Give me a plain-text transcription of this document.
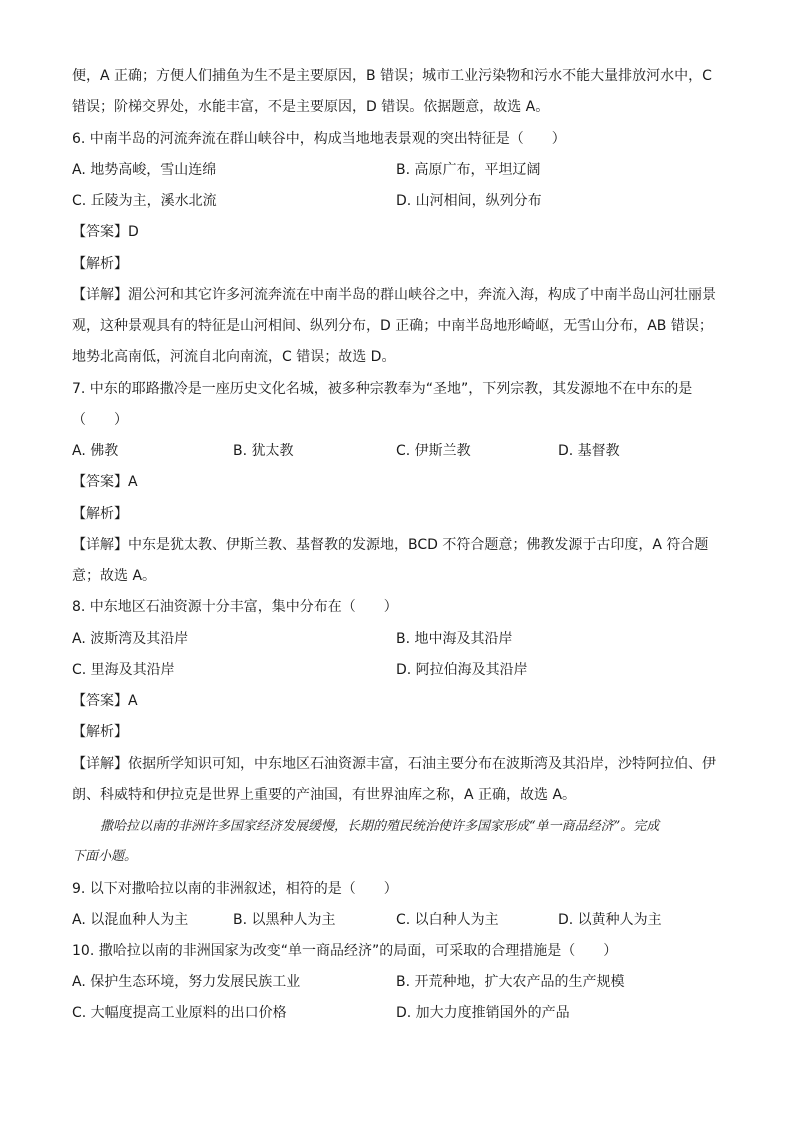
便，A 正确；方便人们捕鱼为生不是主要原因，B 错误；城市工业污染物和污水不能大量排放河水中，C
错误；阶梯交界处，水能丰富，不是主要原因，D 错误。依据题意，故选 A。
6. 中南半岛的河流奔流在群山峡谷中，构成当地地表景观的突出特征是（　　）
A. 地势高峻，雪山连绵	B. 高原广布，平坦辽阔
C. 丘陵为主，溪水北流	D. 山河相间，纵列分布
【答案】D
【解析】
【详解】湄公河和其它许多河流奔流在中南半岛的群山峡谷之中，奔流入海，构成了中南半岛山河壮丽景
观，这种景观具有的特征是山河相间、纵列分布，D 正确；中南半岛地形崎岖，无雪山分布，AB 错误；
地势北高南低，河流自北向南流，C 错误；故选 D。
7. 中东的耶路撒冷是一座历史文化名城，被多种宗教奉为“圣地”，下列宗教，其发源地不在中东的是
（　　）
A. 佛教	B. 犹太教	C. 伊斯兰教	D. 基督教
【答案】A
【解析】
【详解】中东是犹太教、伊斯兰教、基督教的发源地，BCD 不符合题意；佛教发源于古印度，A 符合题
意；故选 A。
8. 中东地区石油资源十分丰富，集中分布在（　　）
A. 波斯湾及其沿岸	B. 地中海及其沿岸
C. 里海及其沿岸	D. 阿拉伯海及其沿岸
【答案】A
【解析】
【详解】依据所学知识可知，中东地区石油资源丰富，石油主要分布在波斯湾及其沿岸，沙特阿拉伯、伊
朗、科威特和伊拉克是世界上重要的产油国，有世界油库之称，A 正确，故选 A。
撒哈拉以南的非洲许多国家经济发展缓慢，长期的殖民统治使许多国家形成“单一商品经济”。完成
下面小题。
9. 以下对撒哈拉以南的非洲叙述，相符的是（　　）
A. 以混血种人为主	B. 以黑种人为主	C. 以白种人为主	D. 以黄种人为主
10. 撒哈拉以南的非洲国家为改变“单一商品经济”的局面，可采取的合理措施是（　　）
A. 保护生态环境，努力发展民族工业	B. 开荒种地，扩大农产品的生产规模
C. 大幅度提高工业原料的出口价格	D. 加大力度推销国外的产品
